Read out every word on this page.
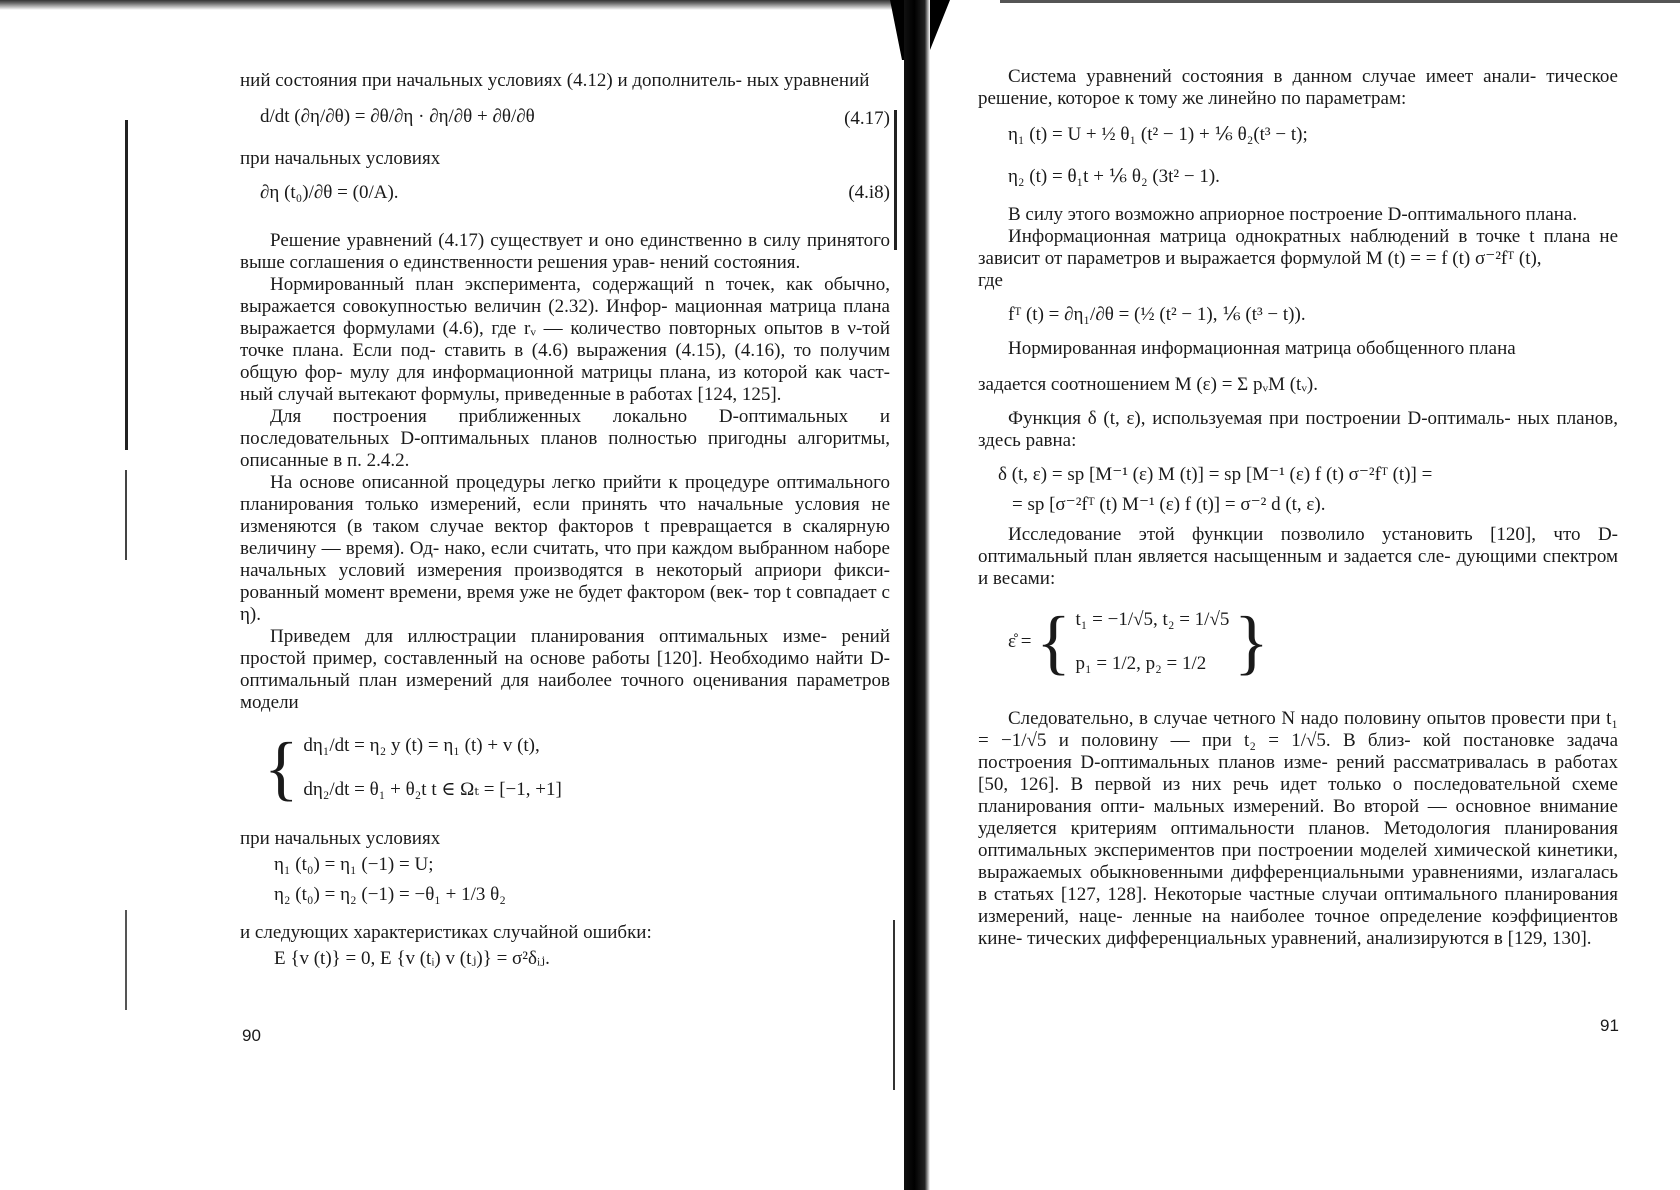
ний состояния при начальных условиях (4.12) и дополнитель- ных уравнений

d/dt (∂η/∂θ) = ∂θ/∂η · ∂η/∂θ + ∂θ/∂θ	(4.17)

при начальных условиях

∂η (t₀)/∂θ = (0/A).	(4.i8)

Решение уравнений (4.17) существует и оно единственно в силу принятого выше соглашения о единственности решения урав- нений состояния.

Нормированный план эксперимента, содержащий n точек, как обычно, выражается совокупностью величин (2.32). Инфор- мационная матрица плана выражается формулами (4.6), где rᵥ — количество повторных опытов в ν-той точке плана. Если под- ставить в (4.6) выражения (4.15), (4.16), то получим общую фор- мулу для информационной матрицы плана, из которой как част- ный случай вытекают формулы, приведенные в работах [124, 125].

Для построения приближенных локально D-оптимальных и последовательных D-оптимальных планов полностью пригодны алгоритмы, описанные в п. 2.4.2.

На основе описанной процедуры легко прийти к процедуре оптимального планирования только измерений, если принять что начальные условия не изменяются (в таком случае вектор факторов t превращается в скалярную величину — время). Од- нако, если считать, что при каждом выбранном наборе начальных условий измерения производятся в некоторый априори фикси- рованный момент времени, время уже не будет фактором (век- тор t совпадает с η).

Приведем для иллюстрации планирования оптимальных изме- рений простой пример, составленный на основе работы [120]. Необходимо найти D-оптимальный план измерений для наиболее точного оценивания параметров модели

{ dη₁/dt = η₂ y (t) = η₁ (t) + v (t),
dη₂/dt = θ₁ + θ₂t t ∈ Ωₜ = [−1, +1]

при начальных условиях

η₁ (t₀) = η₁ (−1) = U;
η₂ (t₀) = η₂ (−1) = −θ₁ + 1/3 θ₂

и следующих характеристиках случайной ошибки:

E {v (t)} = 0, E {v (tᵢ) v (tⱼ)} = σ²δᵢⱼ.
90

Система уравнений состояния в данном случае имеет анали- тическое решение, которое к тому же линейно по параметрам:

η₁ (t) = U + ½ θ₁ (t² − 1) + ⅙ θ₂(t³ − t);
η₂ (t) = θ₁t + ⅙ θ₂ (3t² − 1).

В силу этого возможно априорное построение D-оптимального плана.

Информационная матрица однократных наблюдений в точке t плана не зависит от параметров и выражается формулой M (t) = = f (t) σ⁻²fᵀ (t),

где

fᵀ (t) = ∂η₁/∂θ = (½ (t² − 1), ⅙ (t³ − t)).

Нормированная информационная матрица обобщенного плана

задается соотношением M (ε) = Σ pᵥM (tᵥ).

Функция δ (t, ε), используемая при построении D-оптималь- ных планов, здесь равна:

δ (t, ε) = sp [M⁻¹ (ε) M (t)] = sp [M⁻¹ (ε) f (t) σ⁻²fᵀ (t)] =
= sp [σ⁻²fᵀ (t) M⁻¹ (ε) f (t)] = σ⁻² d (t, ε).

Исследование этой функции позволило установить [120], что D-оптимальный план является насыщенным и задается сле- дующими спектром и весами:

ε̊ = { t₁ = −1/√5, t₂ = 1/√5
p₁ = 1/2, p₂ = 1/2 }

Следовательно, в случае четного N надо половину опытов провести при t₁ = −1/√5 и половину — при t₂ = 1/√5. В близ- кой постановке задача построения D-оптимальных планов изме- рений рассматривалась в работах [50, 126]. В первой из них речь идет только о последовательной схеме планирования опти- мальных измерений. Во второй — основное внимание уделяется критериям оптимальности планов. Методология планирования оптимальных экспериментов при построении моделей химической кинетики, выражаемых обыкновенными дифференциальными уравнениями, излагалась в статьях [127, 128]. Некоторые частные случаи оптимального планирования измерений, наце- ленные на наиболее точное определение коэффициентов кине- тических дифференциальных уравнений, анализируются в [129, 130].

91
